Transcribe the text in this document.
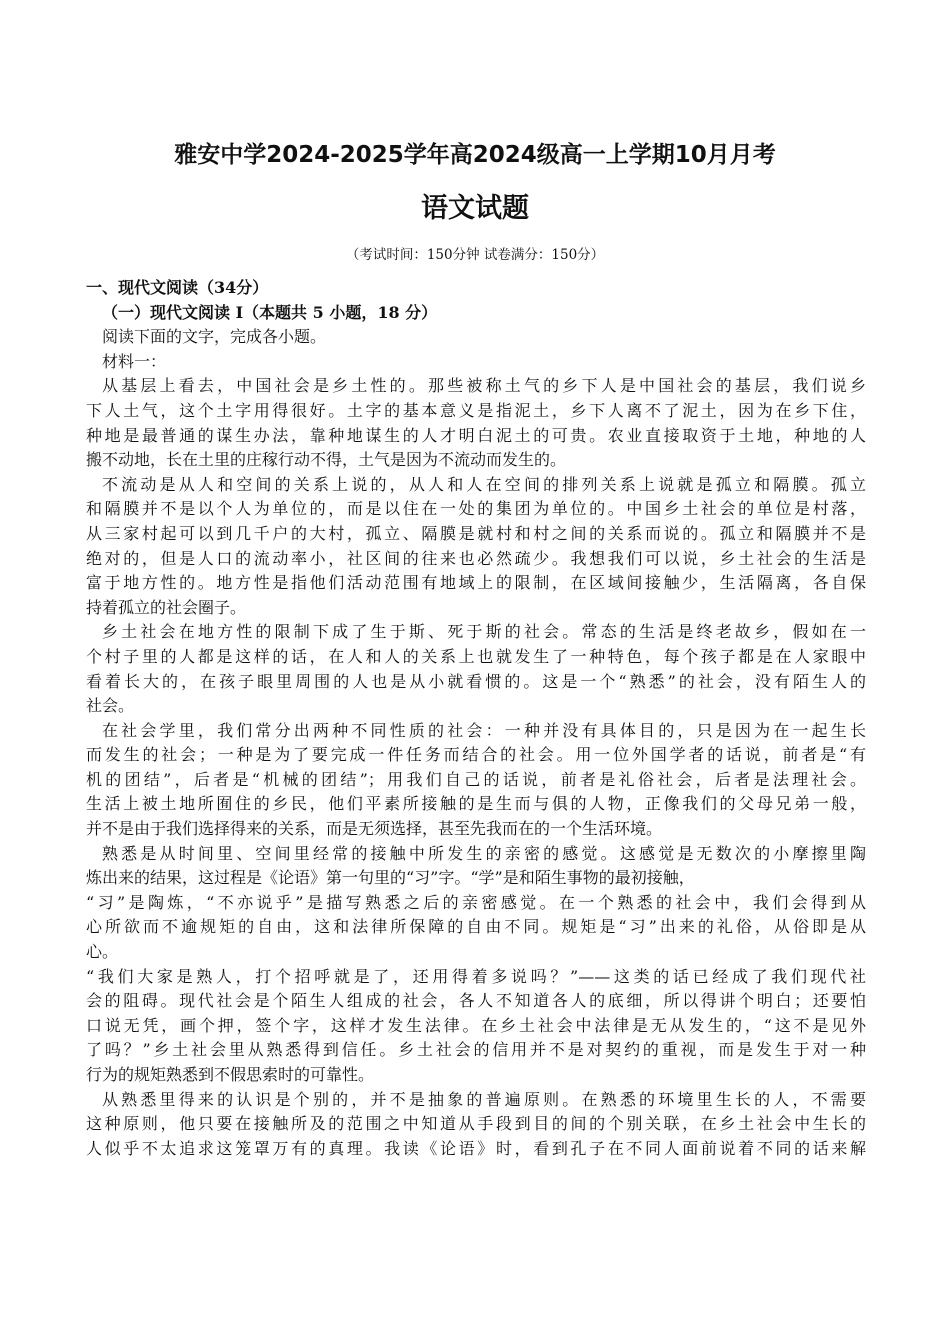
雅安中学2024-2025学年高2024级高一上学期10月月考
语文试题
（考试时间：150分钟 试卷满分：150分）
一、现代文阅读（34分）
（一）现代文阅读 I（本题共 5 小题，18 分）
阅读下面的文字，完成各小题。
材料一：
从基层上看去，中国社会是乡土性的。那些被称土气的乡下人是中国社会的基层，我们说乡
下人土气，这个土字用得很好。土字的基本意义是指泥土，乡下人离不了泥土，因为在乡下住，
种地是最普通的谋生办法，靠种地谋生的人才明白泥土的可贵。农业直接取资于土地，种地的人
搬不动地，长在土里的庄稼行动不得，土气是因为不流动而发生的。
不流动是从人和空间的关系上说的，从人和人在空间的排列关系上说就是孤立和隔膜。孤立
和隔膜并不是以个人为单位的，而是以住在一处的集团为单位的。中国乡土社会的单位是村落，
从三家村起可以到几千户的大村，孤立、隔膜是就村和村之间的关系而说的。孤立和隔膜并不是
绝对的，但是人口的流动率小，社区间的往来也必然疏少。我想我们可以说，乡土社会的生活是
富于地方性的。地方性是指他们活动范围有地域上的限制，在区域间接触少，生活隔离，各自保
持着孤立的社会圈子。
乡土社会在地方性的限制下成了生于斯、死于斯的社会。常态的生活是终老故乡，假如在一
个村子里的人都是这样的话，在人和人的关系上也就发生了一种特色，每个孩子都是在人家眼中
看着长大的，在孩子眼里周围的人也是从小就看惯的。这是一个“熟悉”的社会，没有陌生人的
社会。
在社会学里，我们常分出两种不同性质的社会：一种并没有具体目的，只是因为在一起生长
而发生的社会；一种是为了要完成一件任务而结合的社会。用一位外国学者的话说，前者是“有
机的团结”，后者是“机械的团结”；用我们自己的话说，前者是礼俗社会，后者是法理社会。
生活上被土地所囿住的乡民，他们平素所接触的是生而与俱的人物，正像我们的父母兄弟一般，
并不是由于我们选择得来的关系，而是无须选择，甚至先我而在的一个生活环境。
熟悉是从时间里、空间里经常的接触中所发生的亲密的感觉。这感觉是无数次的小摩擦里陶
炼出来的结果，这过程是《论语》第一句里的“习”字。“学”是和陌生事物的最初接触，
“习”是陶炼，“不亦说乎”是描写熟悉之后的亲密感觉。在一个熟悉的社会中，我们会得到从
心所欲而不逾规矩的自由，这和法律所保障的自由不同。规矩是“习”出来的礼俗，从俗即是从
心。
“我们大家是熟人，打个招呼就是了，还用得着多说吗？”——这类的话已经成了我们现代社
会的阻碍。现代社会是个陌生人组成的社会，各人不知道各人的底细，所以得讲个明白；还要怕
口说无凭，画个押，签个字，这样才发生法律。在乡土社会中法律是无从发生的，“这不是见外
了吗？”乡土社会里从熟悉得到信任。乡土社会的信用并不是对契约的重视，而是发生于对一种
行为的规矩熟悉到不假思索时的可靠性。
从熟悉里得来的认识是个别的，并不是抽象的普遍原则。在熟悉的环境里生长的人，不需要
这种原则，他只要在接触所及的范围之中知道从手段到目的间的个别关联，在乡土社会中生长的
人似乎不太追求这笼罩万有的真理。我读《论语》时，看到孔子在不同人面前说着不同的话来解
